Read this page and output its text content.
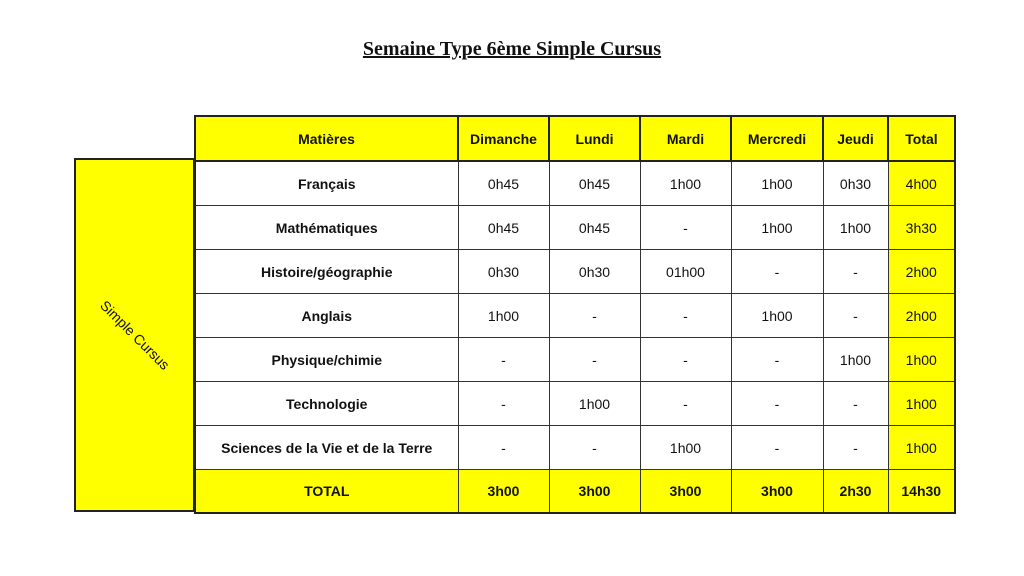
Semaine Type 6ème Simple Cursus
Simple Cursus
Matières	Dimanche	Lundi	Mardi	Mercredi	Jeudi	Total
Français	0h45	0h45	1h00	1h00	0h30	4h00
Mathématiques	0h45	0h45	-	1h00	1h00	3h30
Histoire/géographie	0h30	0h30	01h00	-	-	2h00
Anglais	1h00	-	-	1h00	-	2h00
Physique/chimie	-	-	-	-	1h00	1h00
Technologie	-	1h00	-	-	-	1h00
Sciences de la Vie et de la Terre	-	-	1h00	-	-	1h00
TOTAL	3h00	3h00	3h00	3h00	2h30	14h30
